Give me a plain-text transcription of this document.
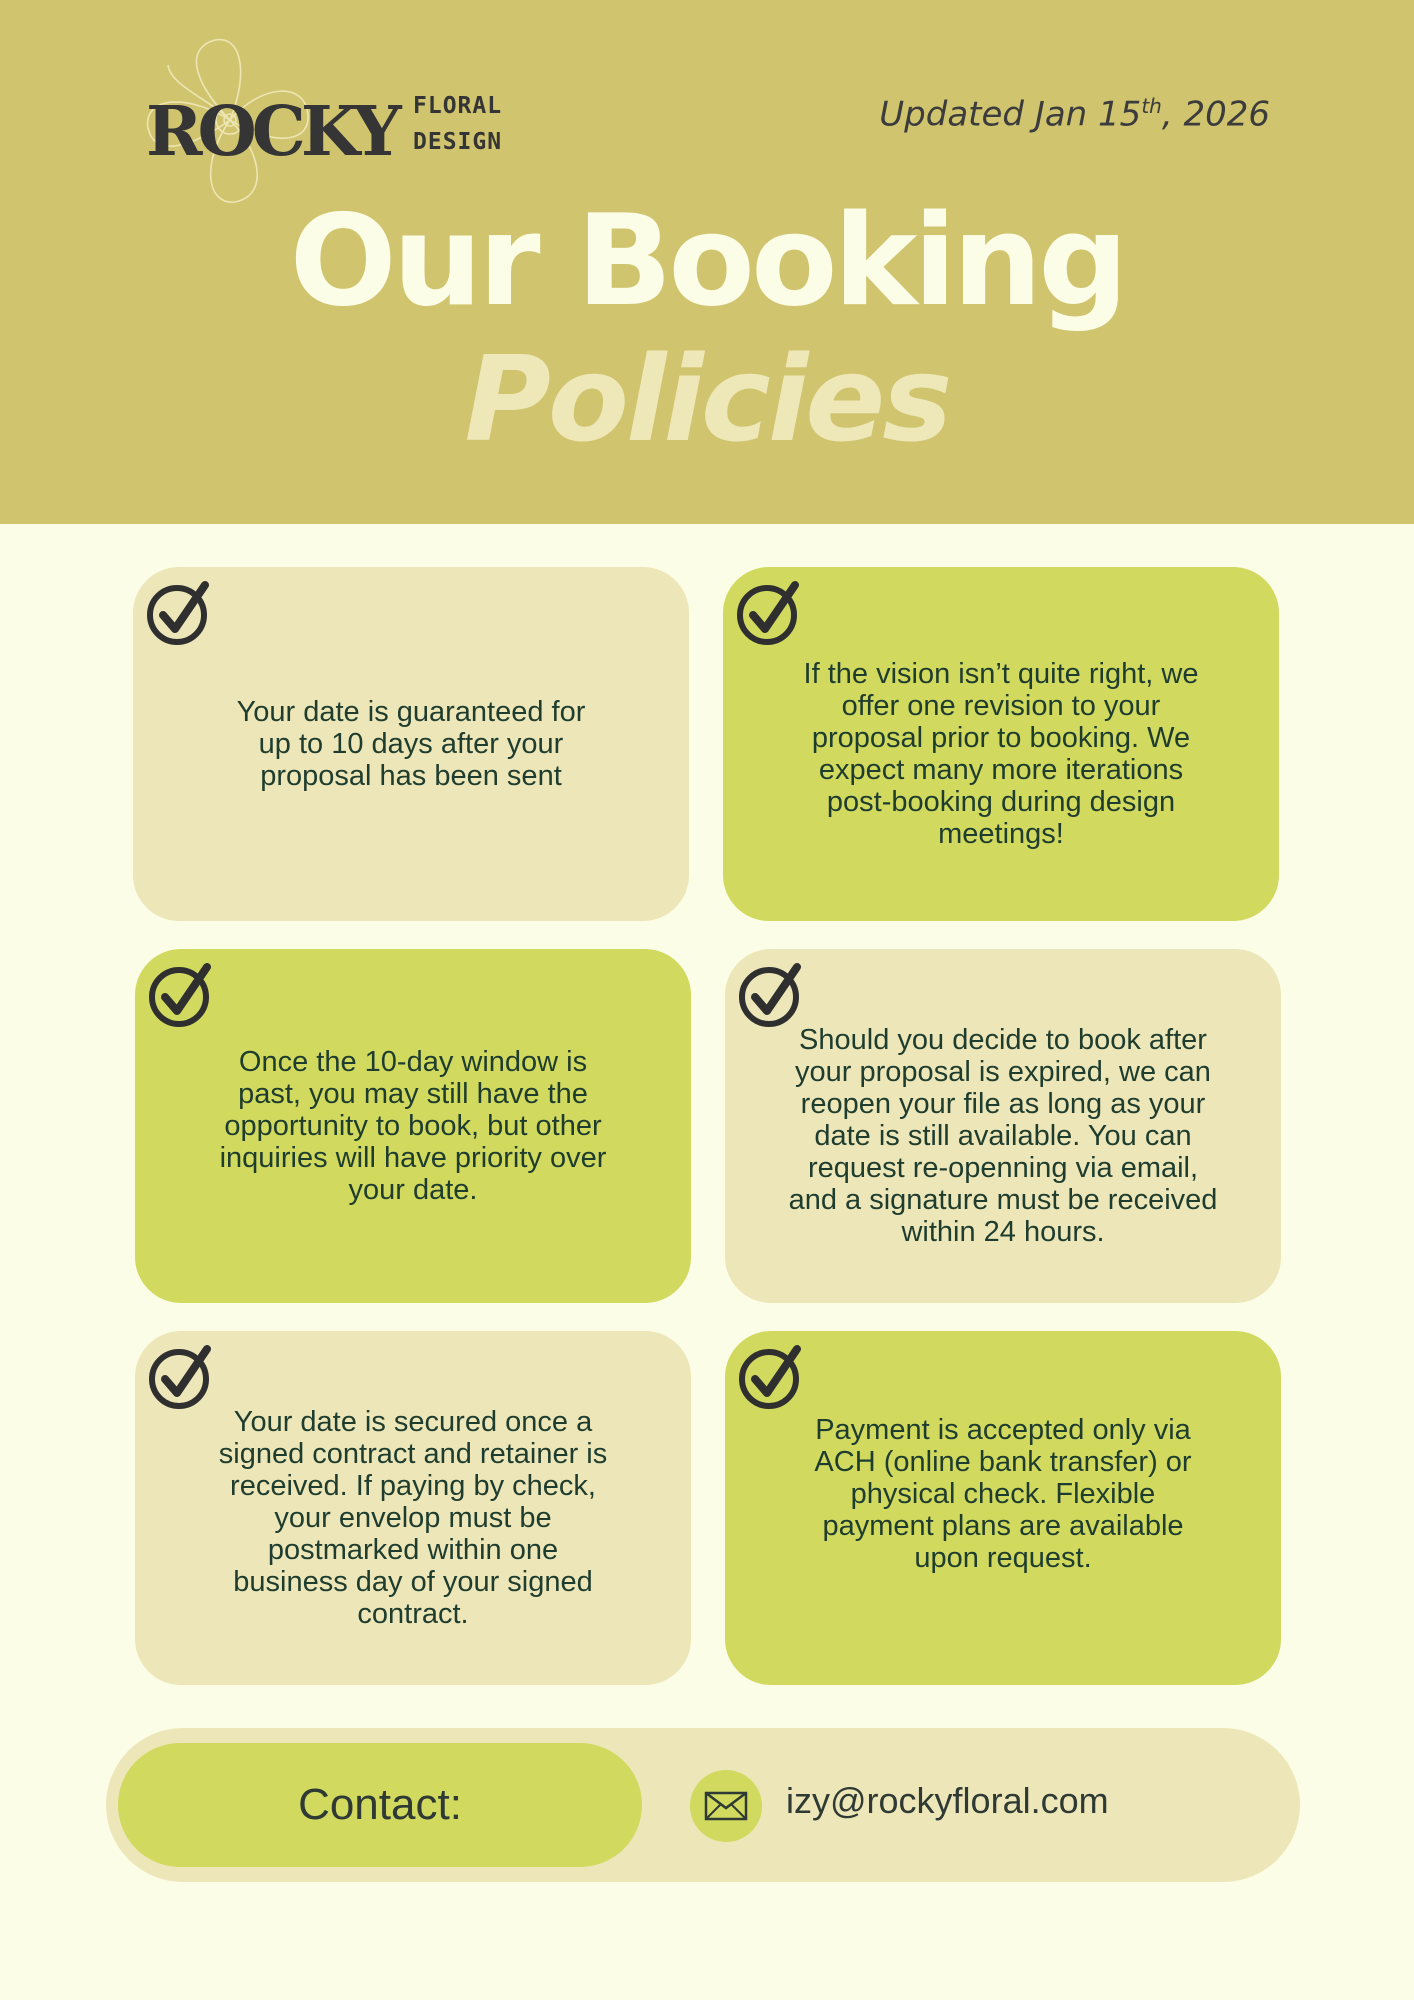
ROCKY FLORAL
DESIGN
Updated Jan 15th, 2026
Our Booking
Policies
Your date is guaranteed for up to 10 days after your proposal has been sent
If the vision isn’t quite right, we offer one revision to your proposal prior to booking. We expect many more iterations post-booking during design meetings!
Once the 10-day window is past, you may still have the opportunity to book, but other inquiries will have priority over your date.
Should you decide to book after your proposal is expired, we can reopen your file as long as your date is still available. You can request re-openning via email, and a signature must be received within 24 hours.
Your date is secured once a signed contract and retainer is received. If paying by check, your envelop must be postmarked within one business day of your signed contract.
Payment is accepted only via ACH (online bank transfer) or physical check. Flexible payment plans are available upon request.
Contact:	izy@rockyfloral.com
